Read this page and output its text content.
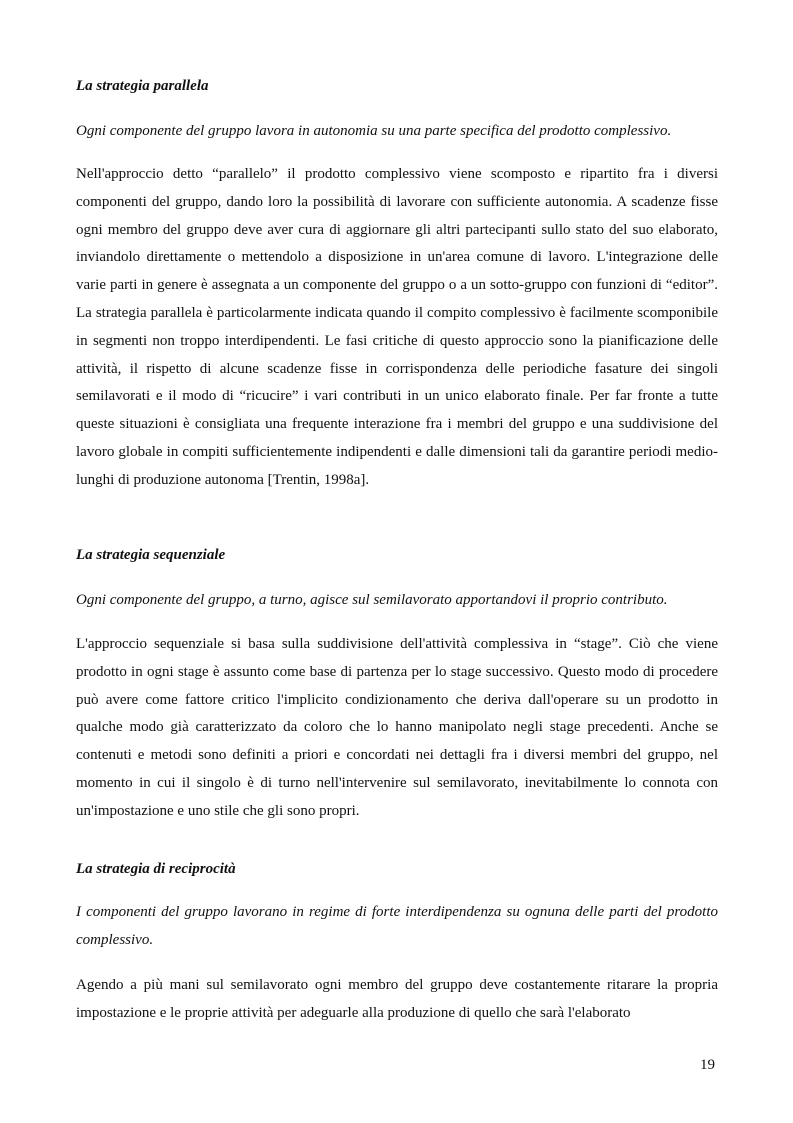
La strategia parallela

Ogni componente del gruppo lavora in autonomia su una parte specifica del prodotto complessivo.

Nell'approccio detto “parallelo” il prodotto complessivo viene scomposto e ripartito fra i diversi componenti del gruppo, dando loro la possibilità di lavorare con sufficiente autonomia. A scadenze fisse ogni membro del gruppo deve aver cura di aggiornare gli altri partecipanti sullo stato del suo elaborato, inviandolo direttamente o mettendolo a disposizione in un'area comune di lavoro. L'integrazione delle varie parti in genere è assegnata a un componente del gruppo o a un sotto-gruppo con funzioni di “editor”. La strategia parallela è particolarmente indicata quando il compito complessivo è facilmente scomponibile in segmenti non troppo interdipendenti. Le fasi critiche di questo approccio sono la pianificazione delle attività, il rispetto di alcune scadenze fisse in corrispondenza delle periodiche fasature dei singoli semilavorati e il modo di “ricucire” i vari contributi in un unico elaborato finale. Per far fronte a tutte queste situazioni è consigliata una frequente interazione fra i membri del gruppo e una suddivisione del lavoro globale in compiti sufficientemente indipendenti e dalle dimensioni tali da garantire periodi medio-lunghi di produzione autonoma [Trentin, 1998a].

La strategia sequenziale

Ogni componente del gruppo, a turno, agisce sul semilavorato apportandovi il proprio contributo.

L'approccio sequenziale si basa sulla suddivisione dell'attività complessiva in “stage”. Ciò che viene prodotto in ogni stage è assunto come base di partenza per lo stage successivo. Questo modo di procedere può avere come fattore critico l'implicito condizionamento che deriva dall'operare su un prodotto in qualche modo già caratterizzato da coloro che lo hanno manipolato negli stage precedenti. Anche se contenuti e metodi sono definiti a priori e concordati nei dettagli fra i diversi membri del gruppo, nel momento in cui il singolo è di turno nell'intervenire sul semilavorato, inevitabilmente lo connota con un'impostazione e uno stile che gli sono propri.

La strategia di reciprocità

I componenti del gruppo lavorano in regime di forte interdipendenza su ognuna delle parti del prodotto complessivo.

Agendo a più mani sul semilavorato ogni membro del gruppo deve costantemente ritarare la propria impostazione e le proprie attività per adeguarle alla produzione di quello che sarà l'elaborato

19
